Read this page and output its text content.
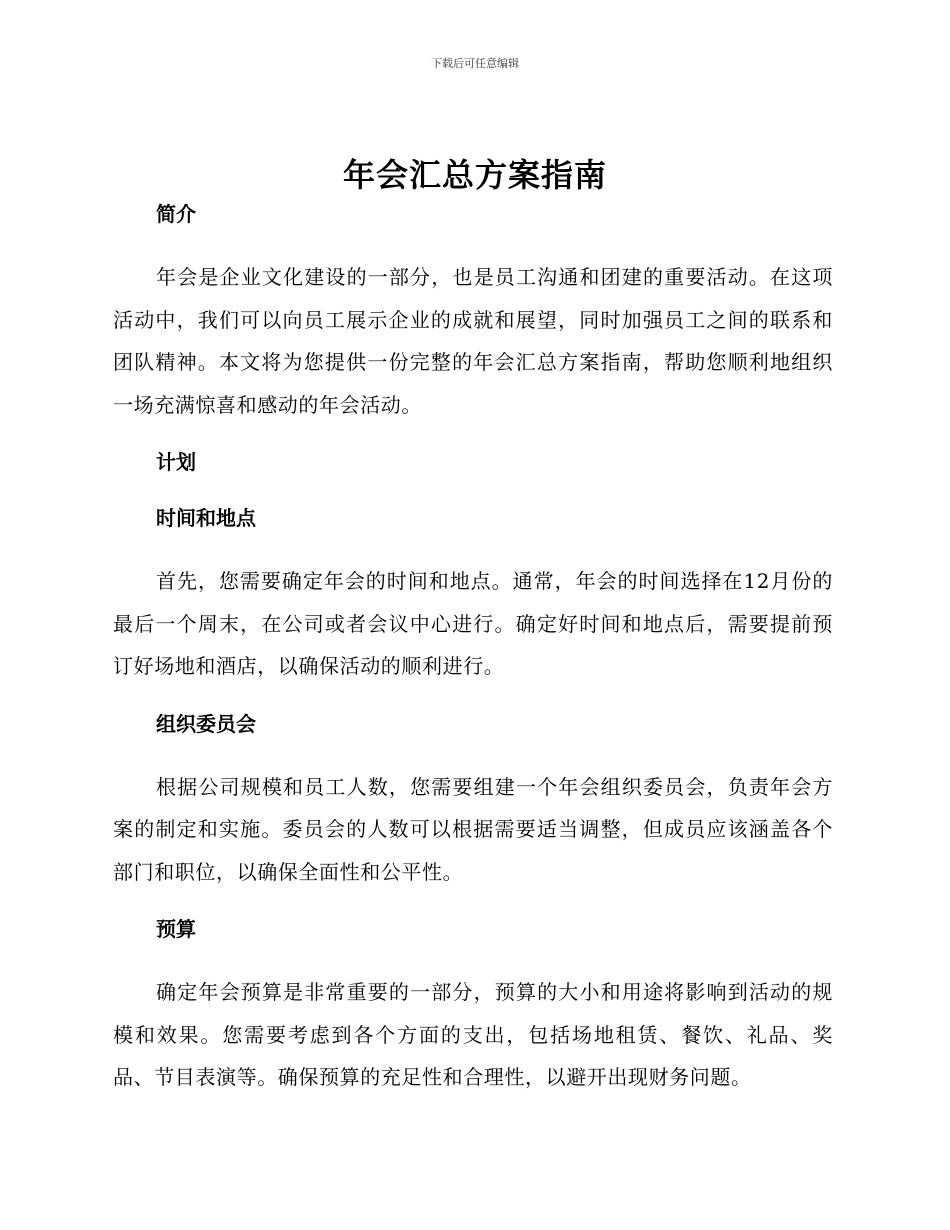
下载后可任意编辑
年会汇总方案指南
简介

年会是企业文化建设的一部分，也是员工沟通和团建的重要活动。在这项活动中，我们可以向员工展示企业的成就和展望，同时加强员工之间的联系和团队精神。本文将为您提供一份完整的年会汇总方案指南，帮助您顺利地组织一场充满惊喜和感动的年会活动。

计划
时间和地点

首先，您需要确定年会的时间和地点。通常，年会的时间选择在12月份的最后一个周末，在公司或者会议中心进行。确定好时间和地点后，需要提前预订好场地和酒店，以确保活动的顺利进行。

组织委员会

根据公司规模和员工人数，您需要组建一个年会组织委员会，负责年会方案的制定和实施。委员会的人数可以根据需要适当调整，但成员应该涵盖各个部门和职位，以确保全面性和公平性。

预算

确定年会预算是非常重要的一部分，预算的大小和用途将影响到活动的规模和效果。您需要考虑到各个方面的支出，包括场地租赁、餐饮、礼品、奖品、节目表演等。确保预算的充足性和合理性，以避开出现财务问题。
